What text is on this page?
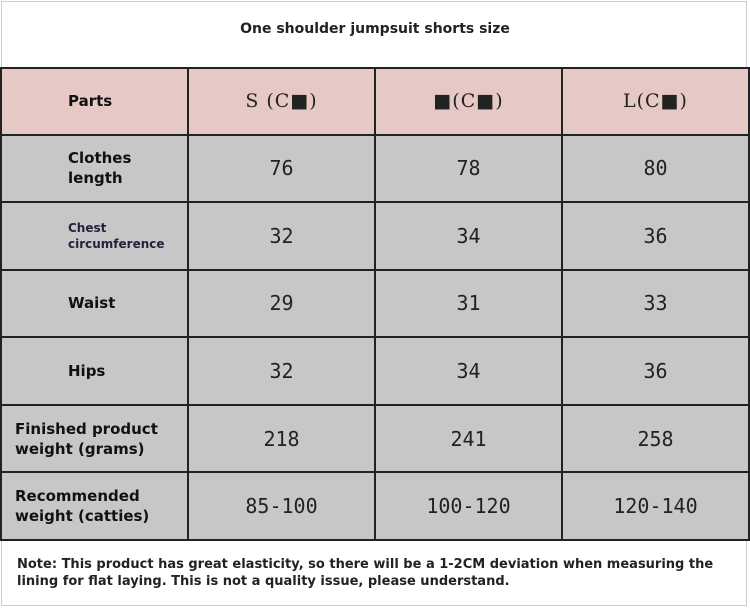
One shoulder jumpsuit shorts size
Parts	S (C■)	■(C■)	L(C■)
Clothes
length	76	78	80
Chest
circumference	32	34	36
Waist	29	31	33
Hips	32	34	36
Finished product
weight (grams)	218	241	258
Recommended
weight (catties)	85-100	100-120	120-140
Note: This product has great elasticity, so there will be a 1-2CM deviation when measuring the lining for flat laying. This is not a quality issue, please understand.
